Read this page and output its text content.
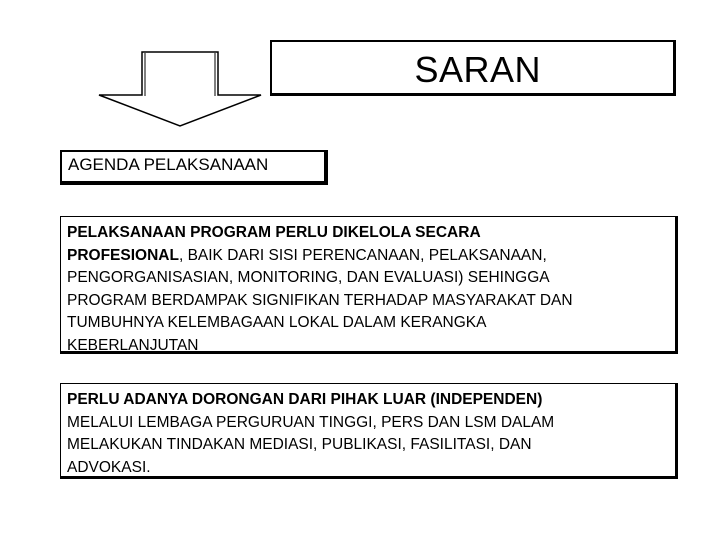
SARAN
AGENDA PELAKSANAAN
PELAKSANAAN PROGRAM PERLU DIKELOLA SECARA
PROFESIONAL, BAIK DARI SISI PERENCANAAN, PELAKSANAAN,
PENGORGANISASIAN, MONITORING, DAN EVALUASI) SEHINGGA
PROGRAM BERDAMPAK SIGNIFIKAN TERHADAP MASYARAKAT DAN
TUMBUHNYA KELEMBAGAAN LOKAL DALAM KERANGKA
KEBERLANJUTAN
PERLU ADANYA DORONGAN DARI PIHAK LUAR (INDEPENDEN)
MELALUI LEMBAGA PERGURUAN TINGGI, PERS DAN LSM DALAM
MELAKUKAN TINDAKAN MEDIASI, PUBLIKASI, FASILITASI, DAN
ADVOKASI.
